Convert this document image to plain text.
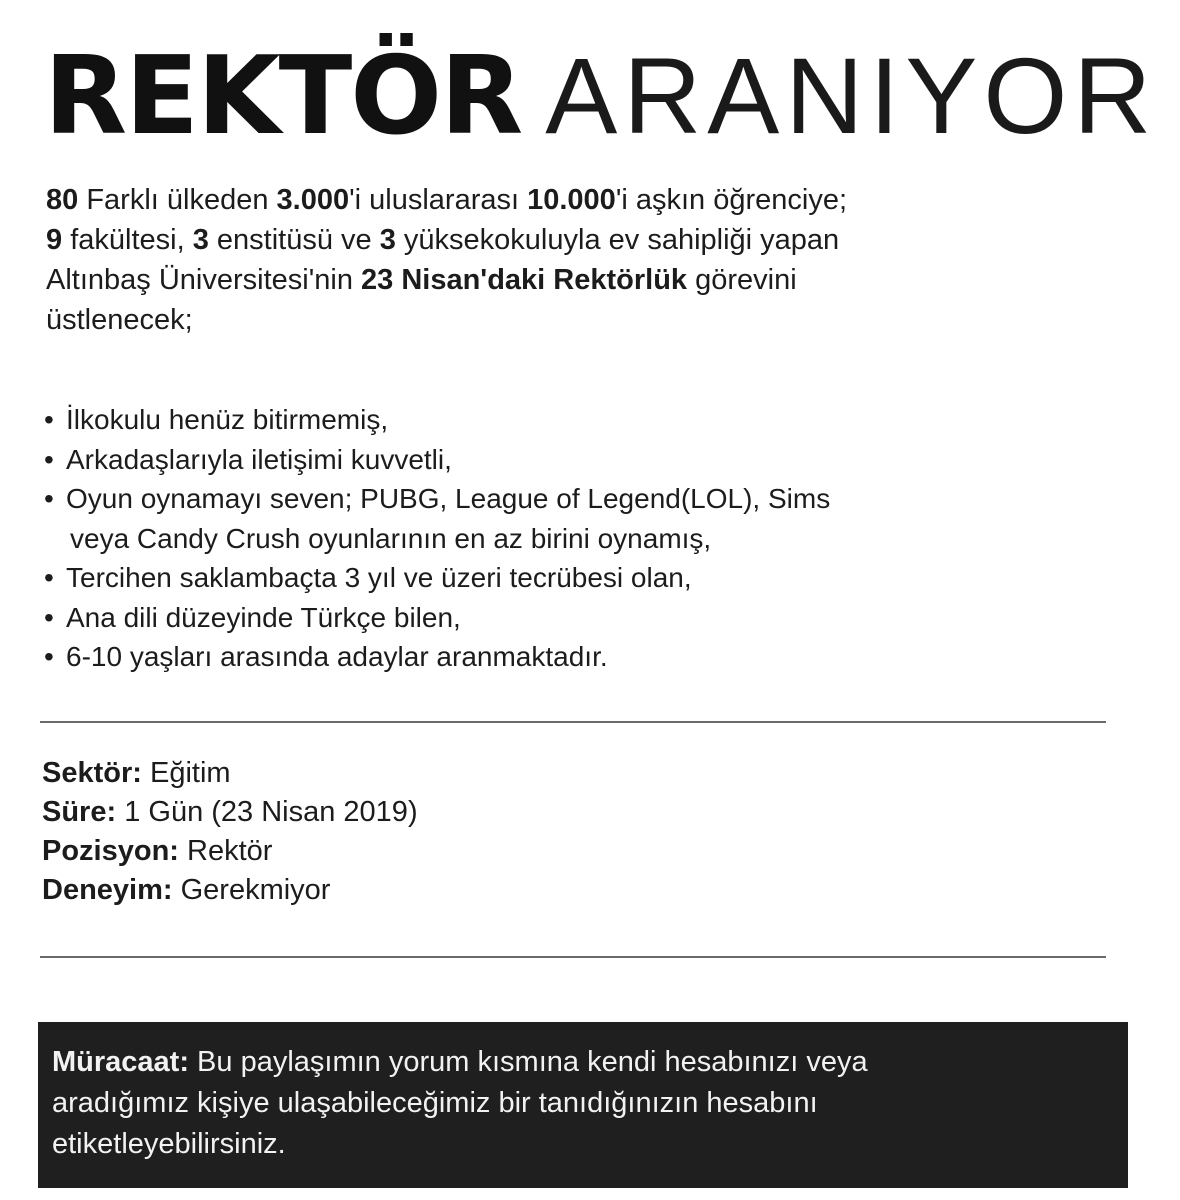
REKTÖR ARANIYOR

80 Farklı ülkeden 3.000'i uluslararası 10.000'i aşkın öğrenciye;

9 fakültesi, 3 enstitüsü ve 3 yüksekokuluyla ev sahipliği yapan

Altınbaş Üniversitesi'nin 23 Nisan'daki Rektörlük görevini

üstlenecek;

• İlkokulu henüz bitirmemiş,
• Arkadaşlarıyla iletişimi kuvvetli,
• Oyun oynamayı seven; PUBG, League of Legend(LOL), Sims
veya Candy Crush oyunlarının en az birini oynamış,
• Tercihen saklambaçta 3 yıl ve üzeri tecrübesi olan,
• Ana dili düzeyinde Türkçe bilen,
• 6-10 yaşları arasında adaylar aranmaktadır.
Sektör: Eğitim
Süre: 1 Gün (23 Nisan 2019)
Pozisyon: Rektör
Deneyim: Gerekmiyor
Müracaat: Bu paylaşımın yorum kısmına kendi hesabınızı veya
aradığımız kişiye ulaşabileceğimiz bir tanıdığınızın hesabını
etiketleyebilirsiniz.
